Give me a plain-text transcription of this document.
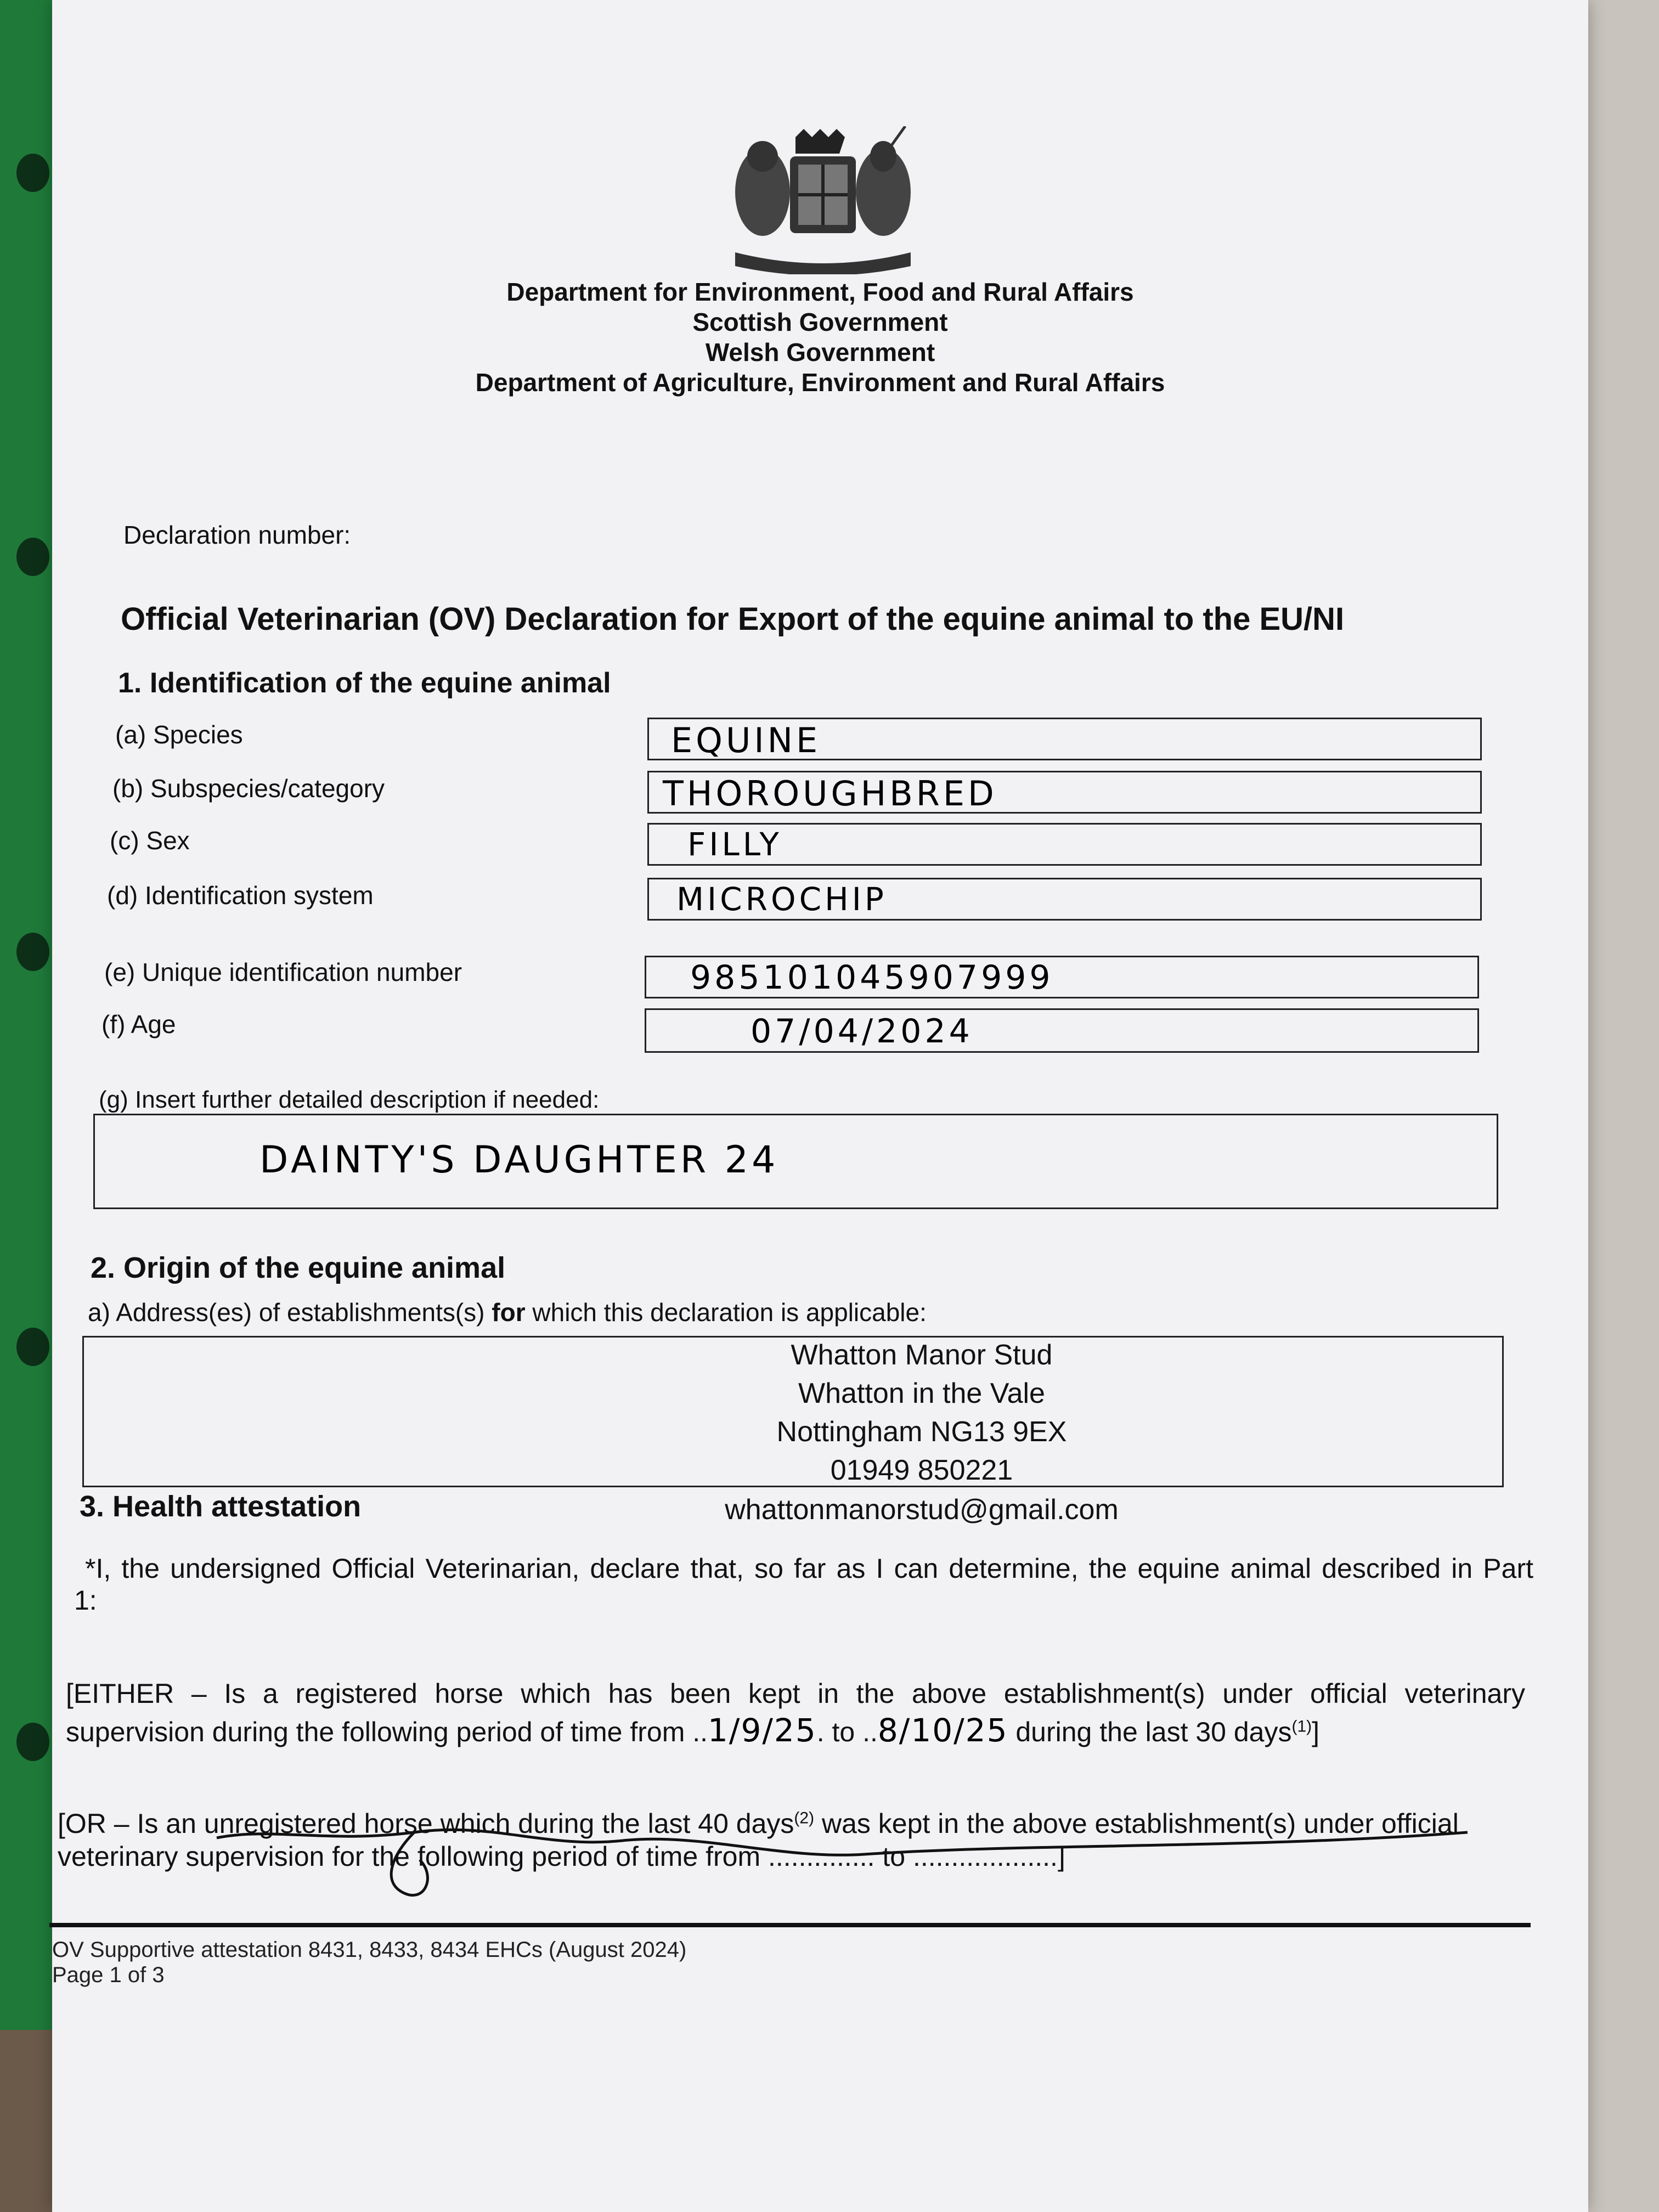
Department for Environment, Food and Rural Affairs
Scottish Government
Welsh Government
Department of Agriculture, Environment and Rural Affairs
Declaration number:
Official Veterinarian (OV) Declaration for Export of the equine animal to the EU/NI
1. Identification of the equine animal
(a) Species	EQUINE
(b) Subspecies/category	THOROUGHBRED
(c) Sex	FILLY
(d) Identification system	MICROCHIP
(e) Unique identification number	985101045907999
(f) Age	07/04/2024
(g) Insert further detailed description if needed:
DAINTY'S DAUGHTER 24
2. Origin of the equine animal
a) Address(es) of establishments(s) for which this declaration is applicable:
Whatton Manor Stud
Whatton in the Vale
Nottingham NG13 9EX
01949 850221
whattonmanorstud@gmail.com
3. Health attestation
*I, the undersigned Official Veterinarian, declare that, so far as I can determine, the equine animal described in Part
1:
[EITHER – Is a registered horse which has been kept in the above establishment(s) under official veterinary
supervision during the following period of time from ..1/9/25. to ..8/10/25 during the last 30 days$^{(1)}$]
[OR – Is an unregistered horse which during the last 40 days$^{(2)}$ was kept in the above establishment(s) under official
veterinary supervision for the following period of time from .............. to ...................]
OV Supportive attestation 8431, 8433, 8434 EHCs (August 2024)
Page 1 of 3
